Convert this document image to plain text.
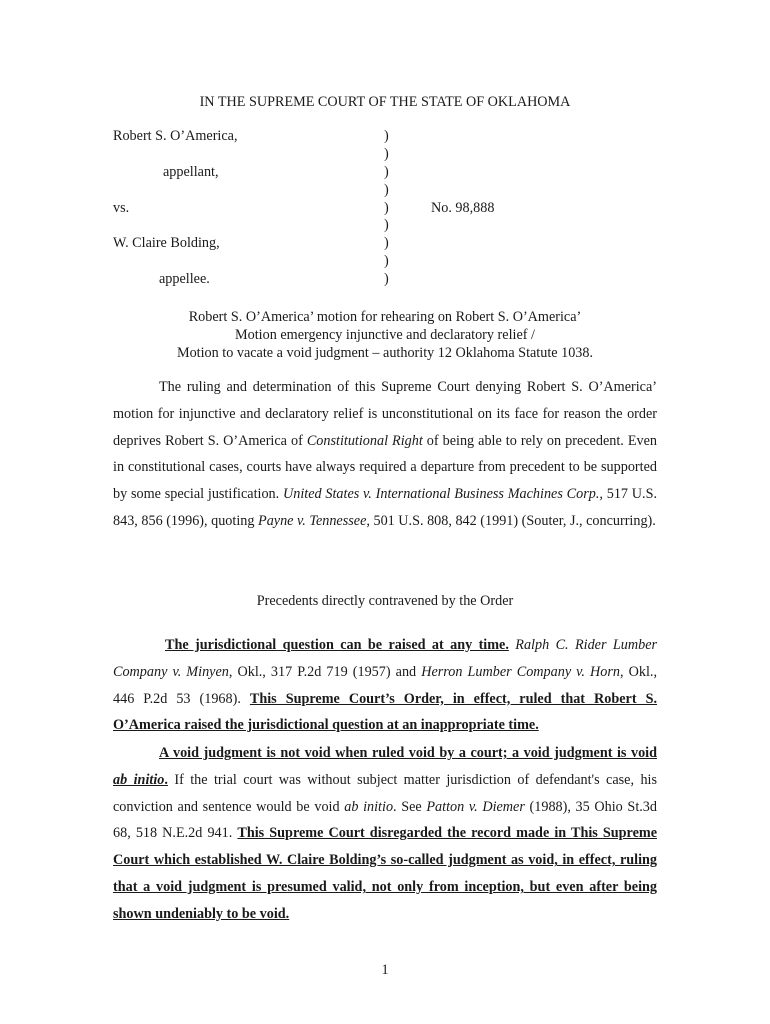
IN THE SUPREME COURT OF THE STATE OF OKLAHOMA
Robert S. O’America,	)
)
appellant,	)
)
vs.	)	No. 98,888
)
W. Claire Bolding,	)
)
appellee.	)
Robert S. O’America’ motion for rehearing on Robert S. O’America’
Motion emergency injunctive and declaratory relief /
Motion to vacate a void judgment – authority 12 Oklahoma Statute 1038.
The ruling and determination of this Supreme Court denying Robert S. O’America’ motion for injunctive and declaratory relief is unconstitutional on its face for reason the order deprives Robert S. O’America of Constitutional Right of being able to rely on precedent. Even in constitutional cases, courts have always required a departure from precedent to be supported by some special justification. United States v. International Business Machines Corp., 517 U.S. 843, 856 (1996), quoting Payne v. Tennessee, 501 U.S. 808, 842 (1991) (Souter, J., concurring).
Precedents directly contravened by the Order
The jurisdictional question can be raised at any time. Ralph C. Rider Lumber Company v. Minyen, Okl., 317 P.2d 719 (1957) and Herron Lumber Company v. Horn, Okl., 446 P.2d 53 (1968). This Supreme Court’s Order, in effect, ruled that Robert S. O’America raised the jurisdictional question at an inappropriate time.
A void judgment is not void when ruled void by a court; a void judgment is void ab initio. If the trial court was without subject matter jurisdiction of defendant's case, his conviction and sentence would be void ab initio. See Patton v. Diemer (1988), 35 Ohio St.3d 68, 518 N.E.2d 941. This Supreme Court disregarded the record made in This Supreme Court which established W. Claire Bolding’s so-called judgment as void, in effect, ruling that a void judgment is presumed valid, not only from inception, but even after being shown undeniably to be void.
1
